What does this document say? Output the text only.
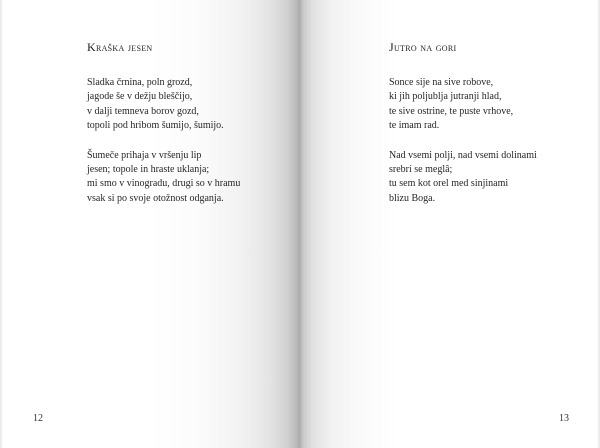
Kraška jesen

Sladka črnina, poln grozd,
jagode še v dežju bleščijo,
v dalji temneva borov gozd,
topoli pod hribom šumijo, šumijo.

Šumeče prihaja v vršenju lip
jesen; topole in hraste uklanja;
mi smo v vinogradu, drugi so v hramu
vsak si po svoje otožnost odganja.

12
Jutro na gori

Sonce sije na sive robove,
ki jih poljublja jutranji hlad,
te sive ostrine, te puste vrhove,
te imam rad.

Nad vsemi polji, nad vsemi dolinami
srebrí se meglâ;
tu sem kot orel med sinjinami
blizu Boga.

13
